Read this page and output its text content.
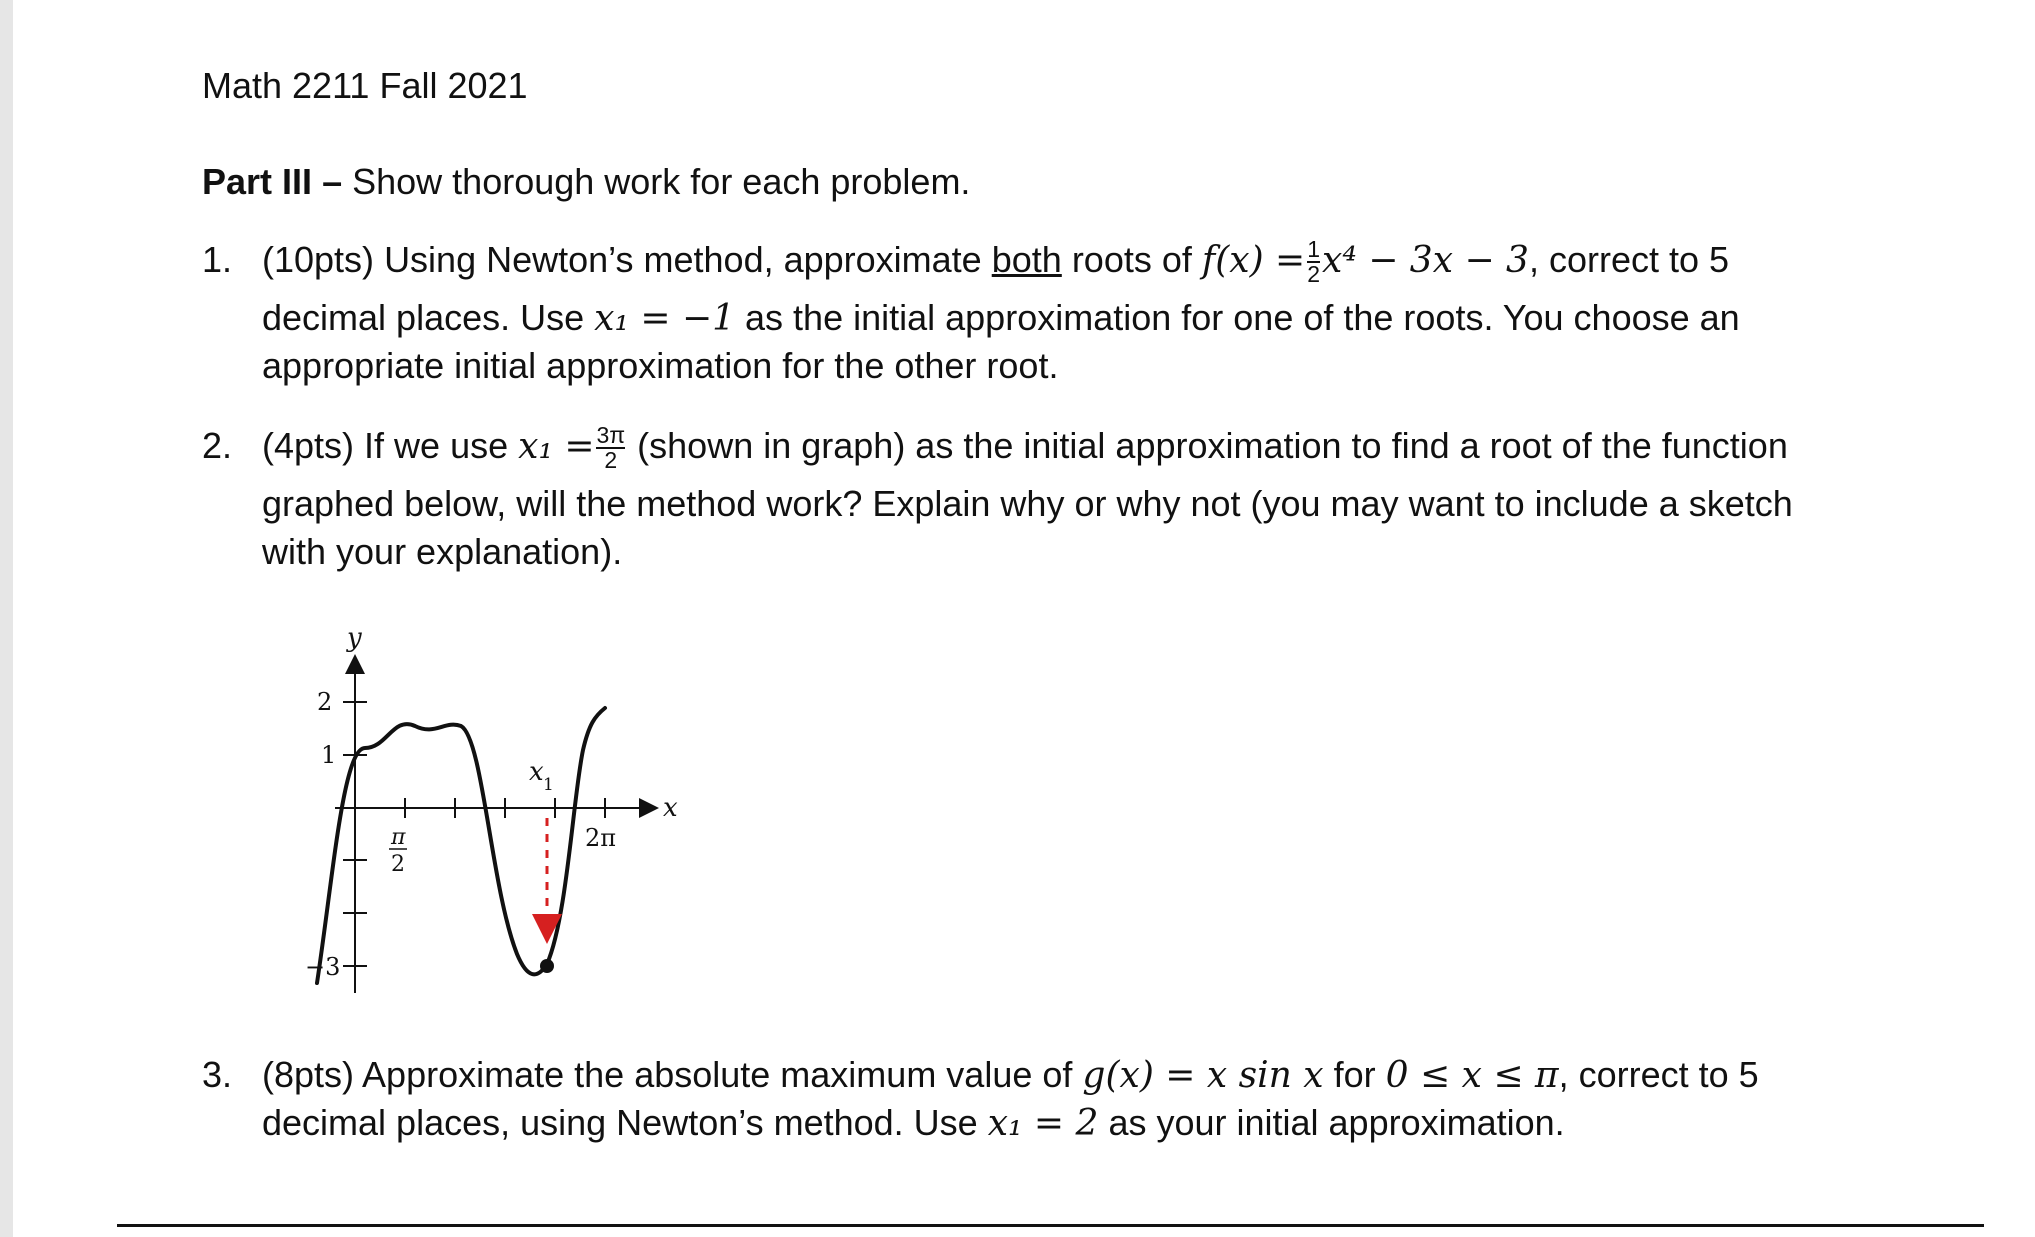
Math 2211 Fall 2021
Part III – Show thorough work for each problem.
1. (10pts) Using Newton’s method, approximate both roots of $f(x) = \frac{1}{2} x^4 - 3x - 3$, correct to 5
decimal places. Use x₁ = −1 as the initial approximation for one of the roots. You choose an
appropriate initial approximation for the other root.
2. (4pts) If we use $x_1 = \frac{3\pi}{2}$ (shown in graph) as the initial approximation to find a root of the function
graphed below, will the method work? Explain why or why not (you may want to include a sketch
with your explanation).
2
1
−3
y
x
π
2
2π
x 1
3. (8pts) Approximate the absolute maximum value of g(x) = x sin x for 0 ≤ x ≤ π, correct to 5
decimal places, using Newton’s method. Use x₁ = 2 as your initial approximation.
